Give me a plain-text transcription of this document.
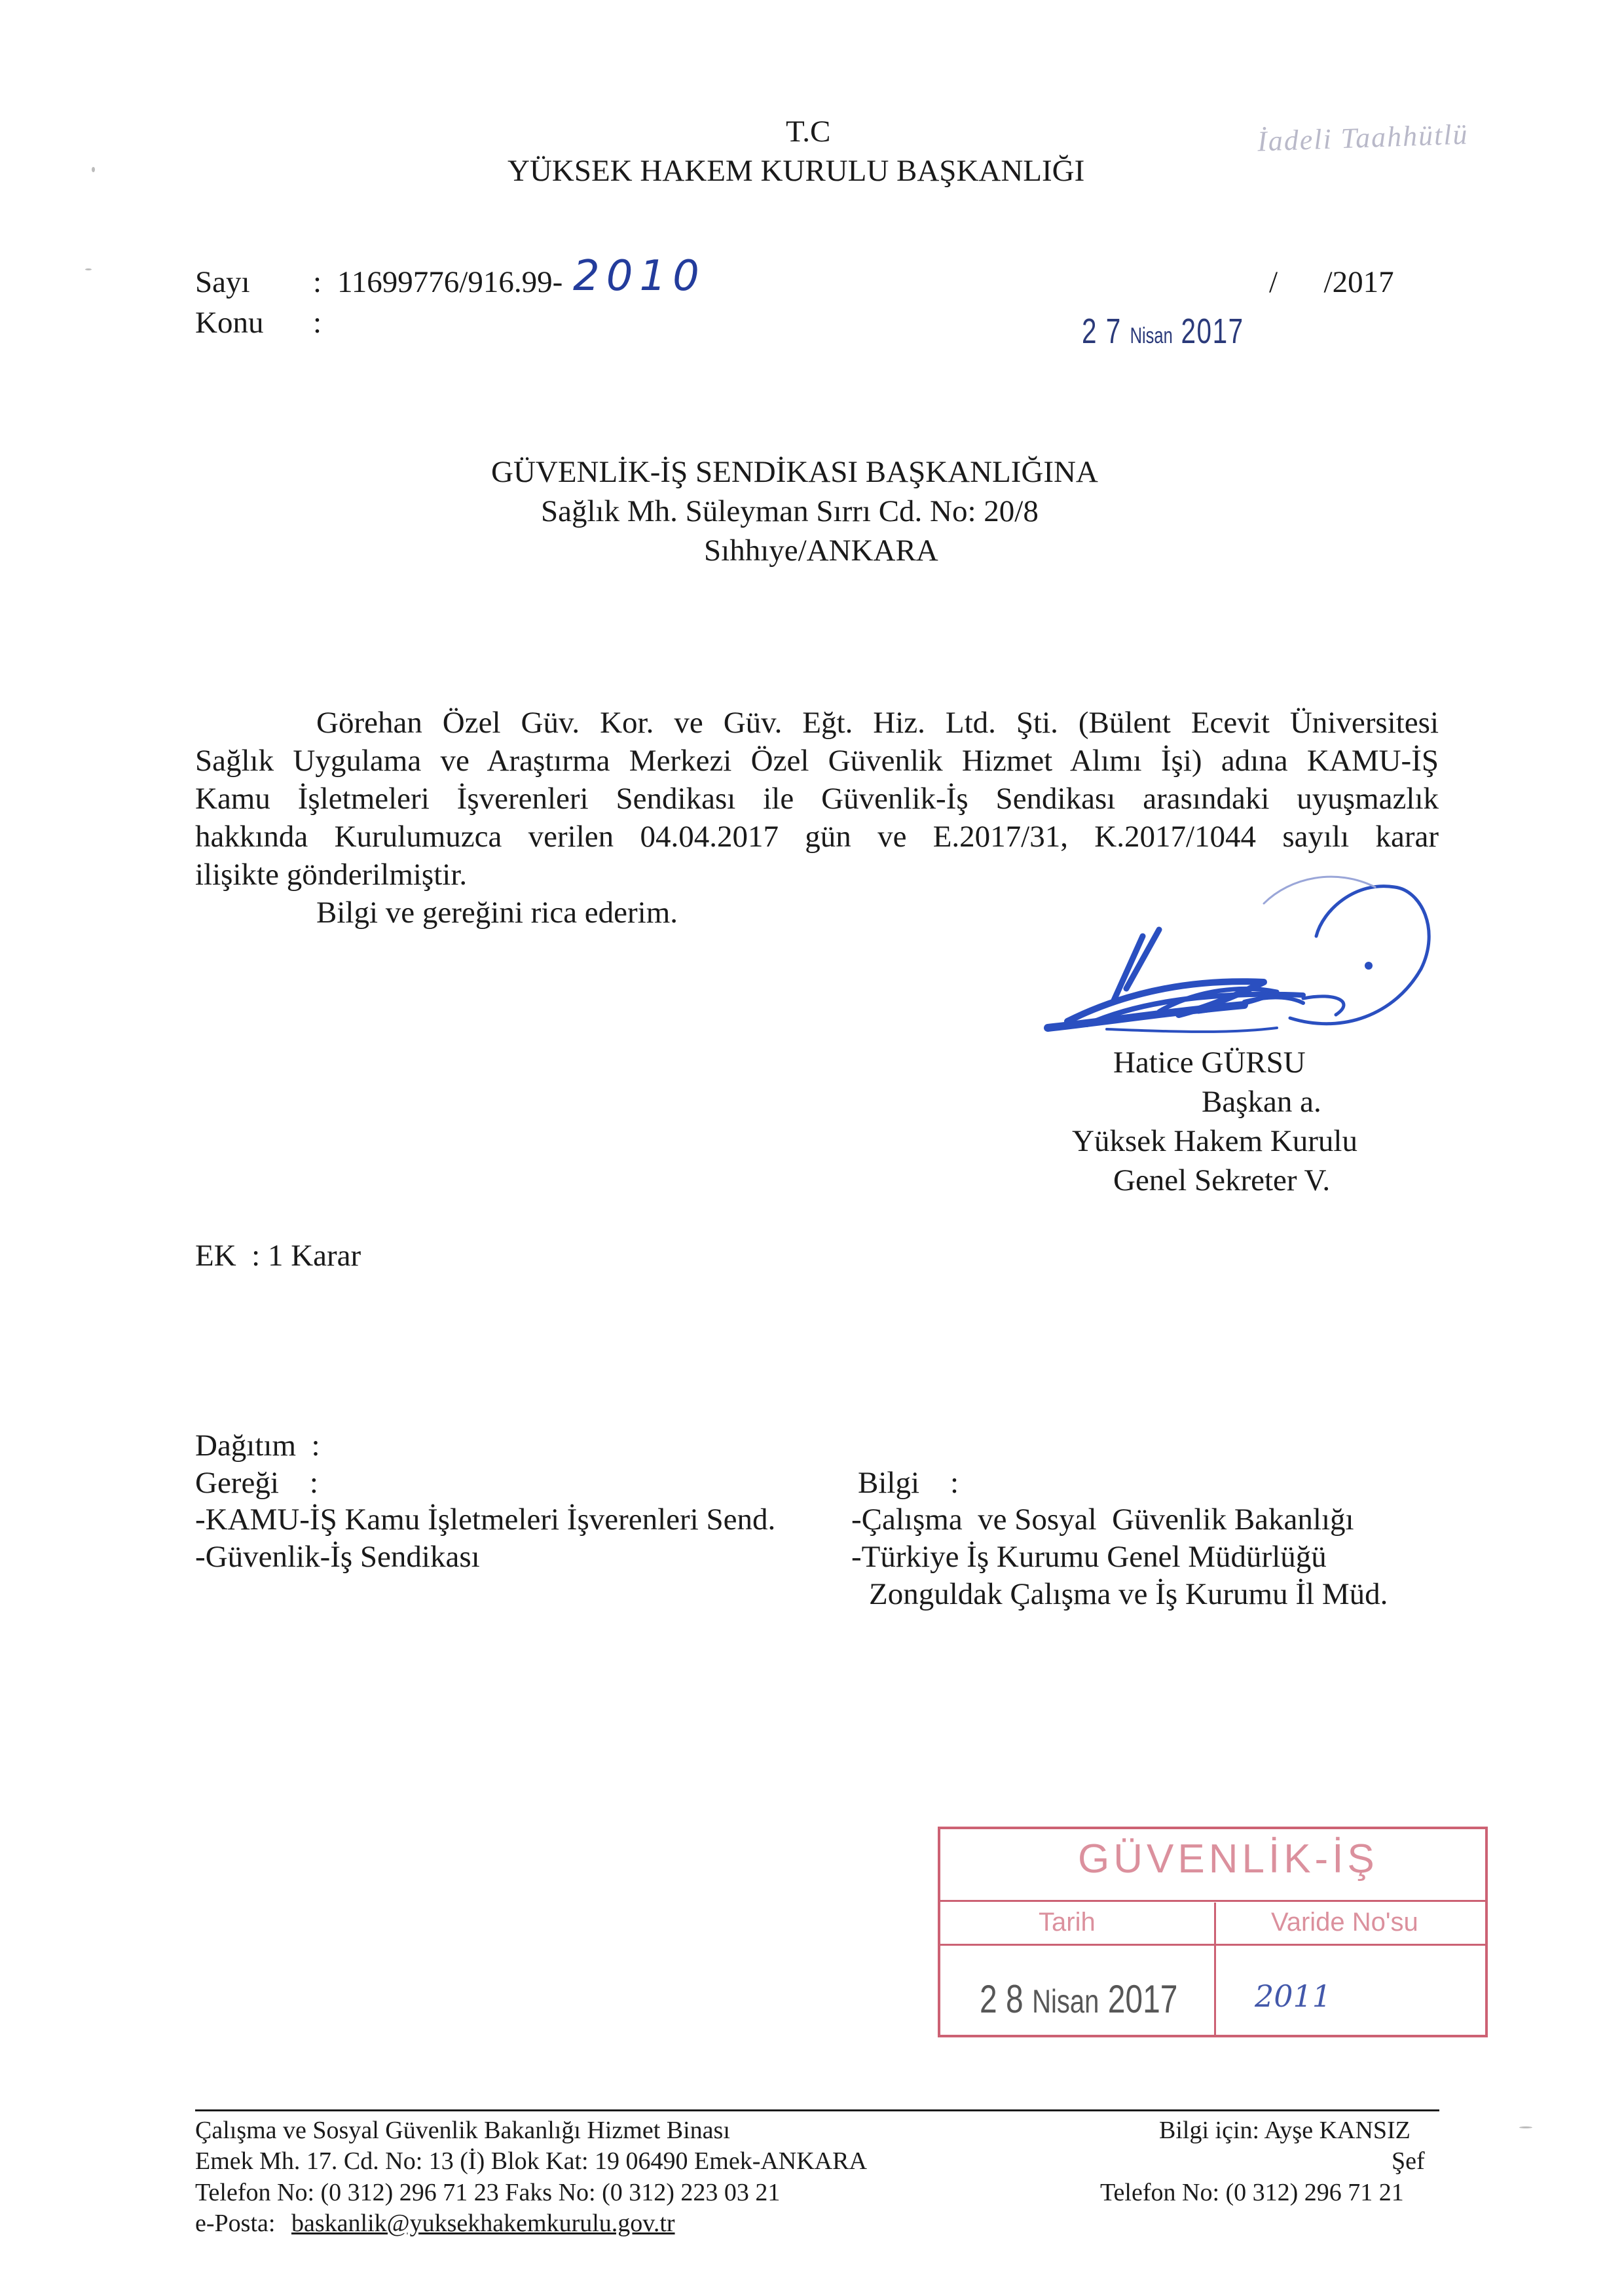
T.C
YÜKSEK HAKEM KURULU BAŞKANLIĞI
İadeli Taahhütlü
Sayı : 11699776/916.99- 2010	/      /2017
Konu :	2 7 Nisan 2017
GÜVENLİK-İŞ SENDİKASI BAŞKANLIĞINA
Sağlık Mh. Süleyman Sırrı Cd. No: 20/8
Sıhhıye/ANKARA
Görehan Özel Güv. Kor. ve Güv. Eğt. Hiz. Ltd. Şti. (Bülent Ecevit Üniversitesi
Sağlık Uygulama ve Araştırma Merkezi Özel Güvenlik Hizmet Alımı İşi) adına KAMU-İŞ
Kamu İşletmeleri İşverenleri Sendikası ile Güvenlik-İş Sendikası arasındaki uyuşmazlık
hakkında Kurulumuzca verilen 04.04.2017 gün ve E.2017/31, K.2017/1044 sayılı karar
ilişikte gönderilmiştir.
Bilgi ve gereğini rica ederim.
Hatice GÜRSU
Başkan a.
Yüksek Hakem Kurulu
Genel Sekreter V.
EK  : 1 Karar
Dağıtım  :
Gereği    :
-KAMU-İŞ Kamu İşletmeleri İşverenleri Send.
-Güvenlik-İş Sendikası
Bilgi    :
-Çalışma  ve Sosyal  Güvenlik Bakanlığı
-Türkiye İş Kurumu Genel Müdürlüğü
Zonguldak Çalışma ve İş Kurumu İl Müd.
GÜVENLİK-İŞ
Tarih	Varide No'su
2 8 Nisan 2017	2011
Çalışma ve Sosyal Güvenlik Bakanlığı Hizmet Binası
Emek Mh. 17. Cd. No: 13 (İ) Blok Kat: 19 06490 Emek-ANKARA
Telefon No: (0 312) 296 71 23 Faks No: (0 312) 223 03 21
e-Posta: baskanlik@yuksekhakemkurulu.gov.tr
Bilgi için: Ayşe KANSIZ
Şef
Telefon No: (0 312) 296 71 21
